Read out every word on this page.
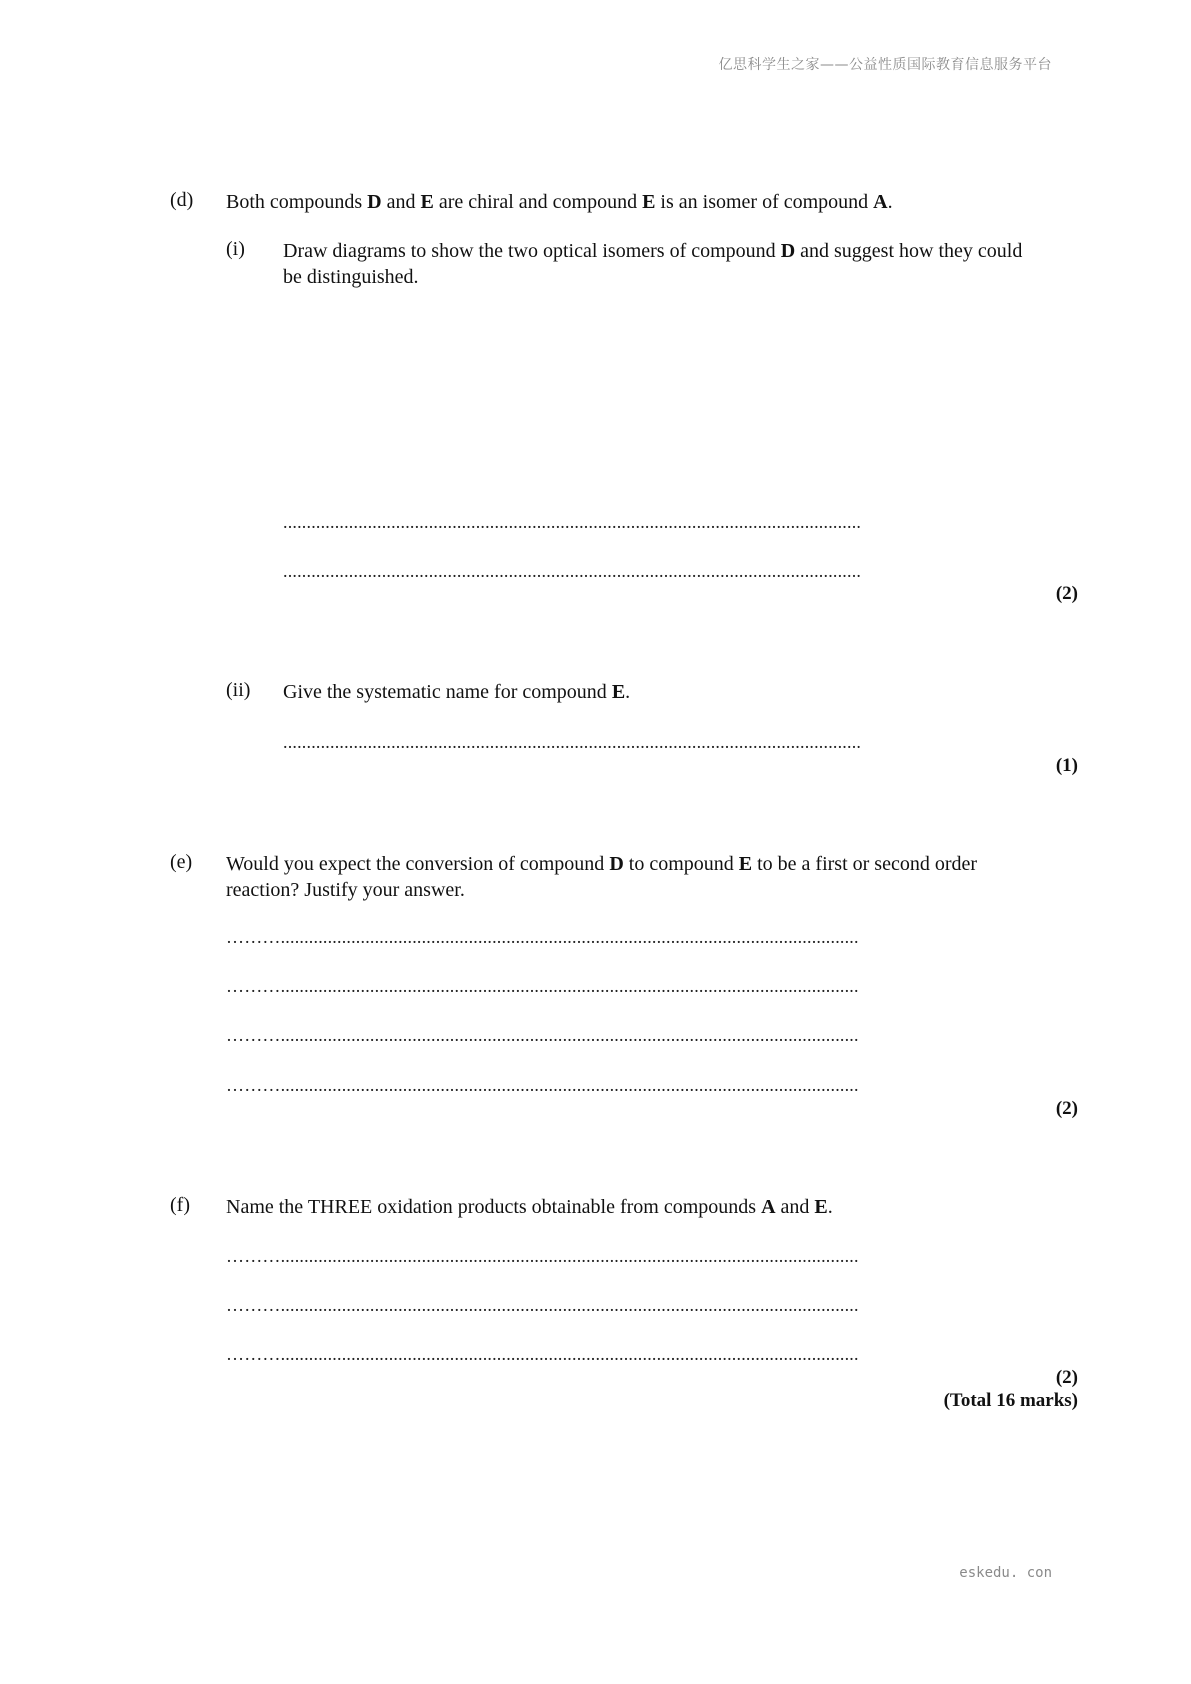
亿思科学生之家——公益性质国际教育信息服务平台
(d) Both compounds D and E are chiral and compound E is an isomer of compound A.
(i) Draw diagrams to show the two optical isomers of compound D and suggest how they could be distinguished.
...........................................................................................................................
...........................................................................................................................
(2)
(ii) Give the systematic name for compound E.
...........................................................................................................................
(1)
(e) Would you expect the conversion of compound D to compound E to be a first or second order reaction? Justify your answer.
………...........................................................................................................................
………...........................................................................................................................
………...........................................................................................................................
………...........................................................................................................................
(2)
(f) Name the THREE oxidation products obtainable from compounds A and E.
………...........................................................................................................................
………...........................................................................................................................
………...........................................................................................................................
(2)
(Total 16 marks)
eskedu. con
